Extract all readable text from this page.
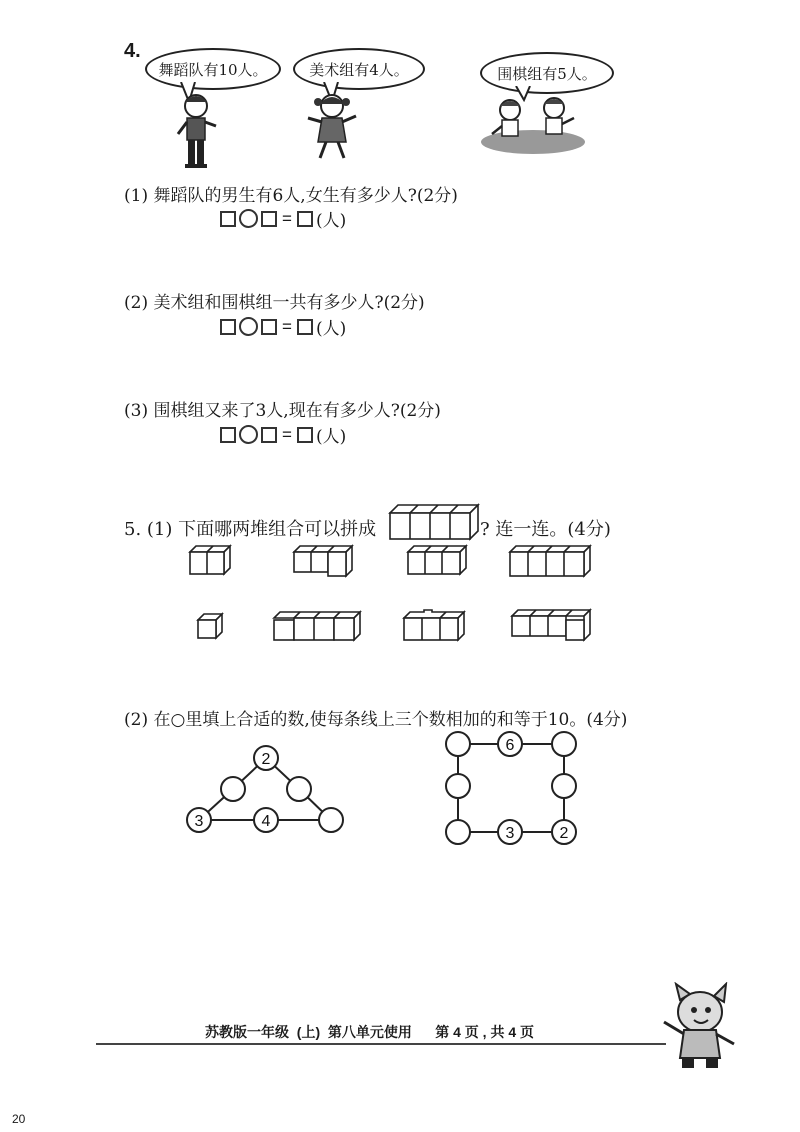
4.
舞蹈队有10人。	美术组有4人。	围棋组有5人。
(1) 舞蹈队的男生有6人,女生有多少人?(2分)
= (人)
(2) 美术组和围棋组一共有多少人?(2分)
= (人)
(3) 围棋组又来了3人,现在有多少人?(2分)
= (人)
5. (1) 下面哪两堆组合可以拼成	? 连一连。(4分)
(2) 在○里填上合适的数,使每条线上三个数相加的和等于10。(4分)
2
3	4
6
3	2
苏教版一年级  (上)  第八单元使用      第 4 页 , 共 4 页
20
